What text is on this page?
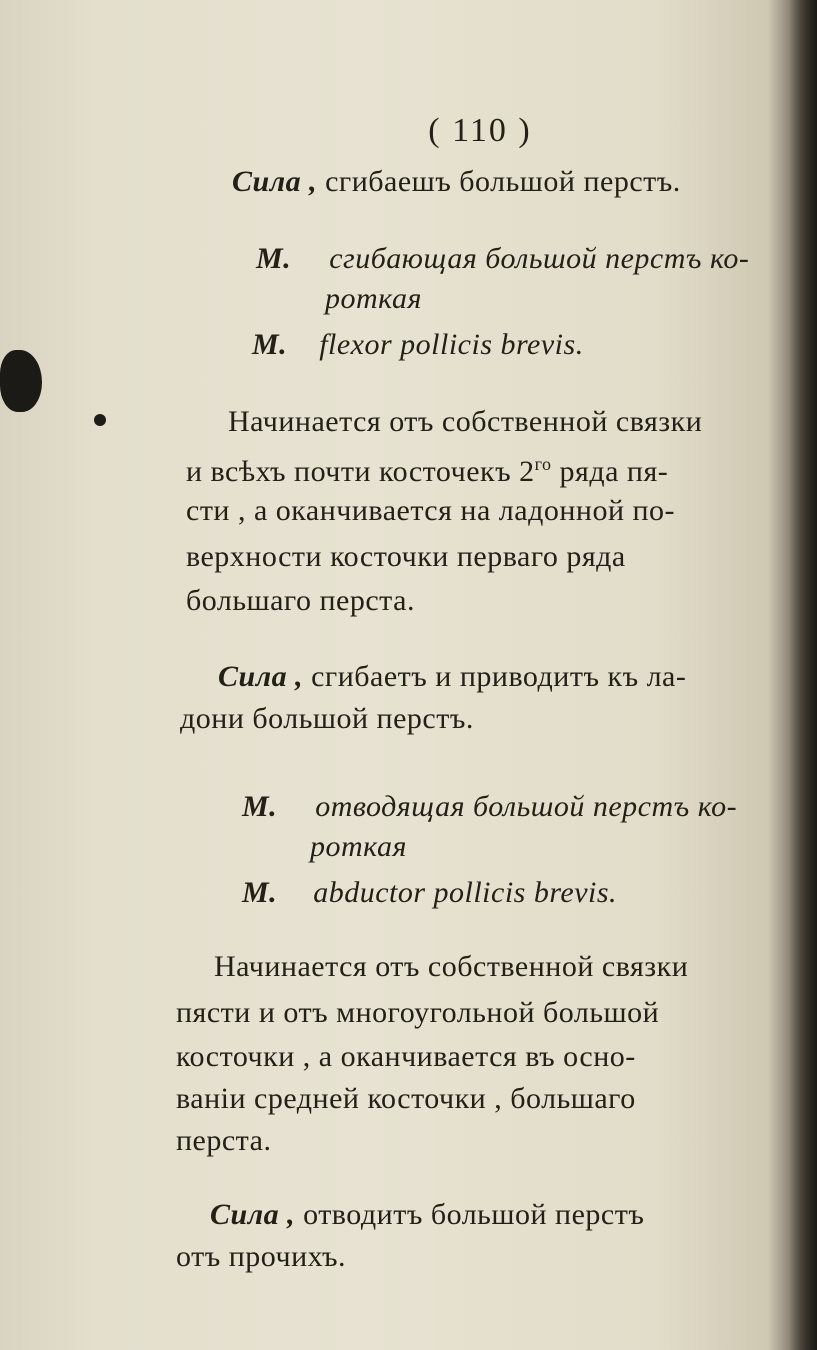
( 110 )
Сила , сгибаешъ большой перстъ.
М. сгибающая большой перстъ ко-
роткая
М. flexor pollicis brevis.
Начинается отъ собственной связки
и всѣхъ почти косточекъ $2^{го}$ ряда пя-
сти , а оканчивается на ладонной по-
верхности косточки перваго ряда
большаго перста.
Сила , сгибаетъ и приводитъ къ ла-
дони большой перстъ.
М. отводящая большой перстъ ко-
роткая
М. abductor pollicis brevis.
Начинается отъ собственной связки
пясти и отъ многоугольной большой
косточки , а оканчивается въ осно-
ванiи средней косточки , большаго
перста.
Сила , отводитъ большой перстъ
отъ прочихъ.
